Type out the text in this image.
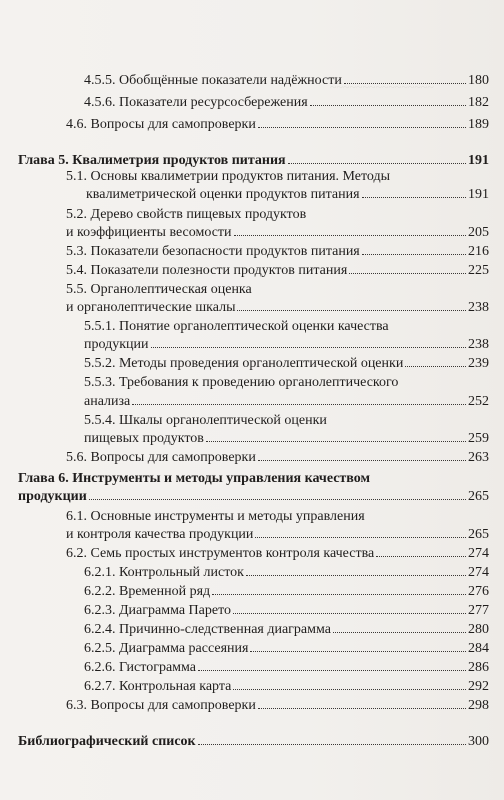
~~~~~~~~~~~~~~~~
4.5.5. Обобщённые показатели надёжности	180
4.5.6. Показатели ресурсосбережения	182
4.6. Вопросы для самопроверки	189
Глава 5. Квалиметрия продуктов питания	191
5.1. Основы квалиметрии продуктов питания. Методы
квалиметрической оценки продуктов питания	191
5.2. Дерево свойств пищевых продуктов
и коэффициенты весомости	205
5.3. Показатели безопасности продуктов питания	216
5.4. Показатели полезности продуктов питания	225
5.5. Органолептическая оценка
и органолептические шкалы	238
5.5.1. Понятие органолептической оценки качества
продукции	238
5.5.2. Методы проведения органолептической оценки	239
5.5.3. Требования к проведению органолептического
анализа	252
5.5.4. Шкалы органолептической оценки
пищевых продуктов	259
5.6. Вопросы для самопроверки	263
Глава 6. Инструменты и методы управления качеством
продукции	265
6.1. Основные инструменты и методы управления
и контроля качества продукции	265
6.2. Семь простых инструментов контроля качества	274
6.2.1. Контрольный листок	274
6.2.2. Временной ряд	276
6.2.3. Диаграмма Парето	277
6.2.4. Причинно-следственная диаграмма	280
6.2.5. Диаграмма рассеяния	284
6.2.6. Гистограмма	286
6.2.7. Контрольная карта	292
6.3. Вопросы для самопроверки	298
Библиографический список	300
